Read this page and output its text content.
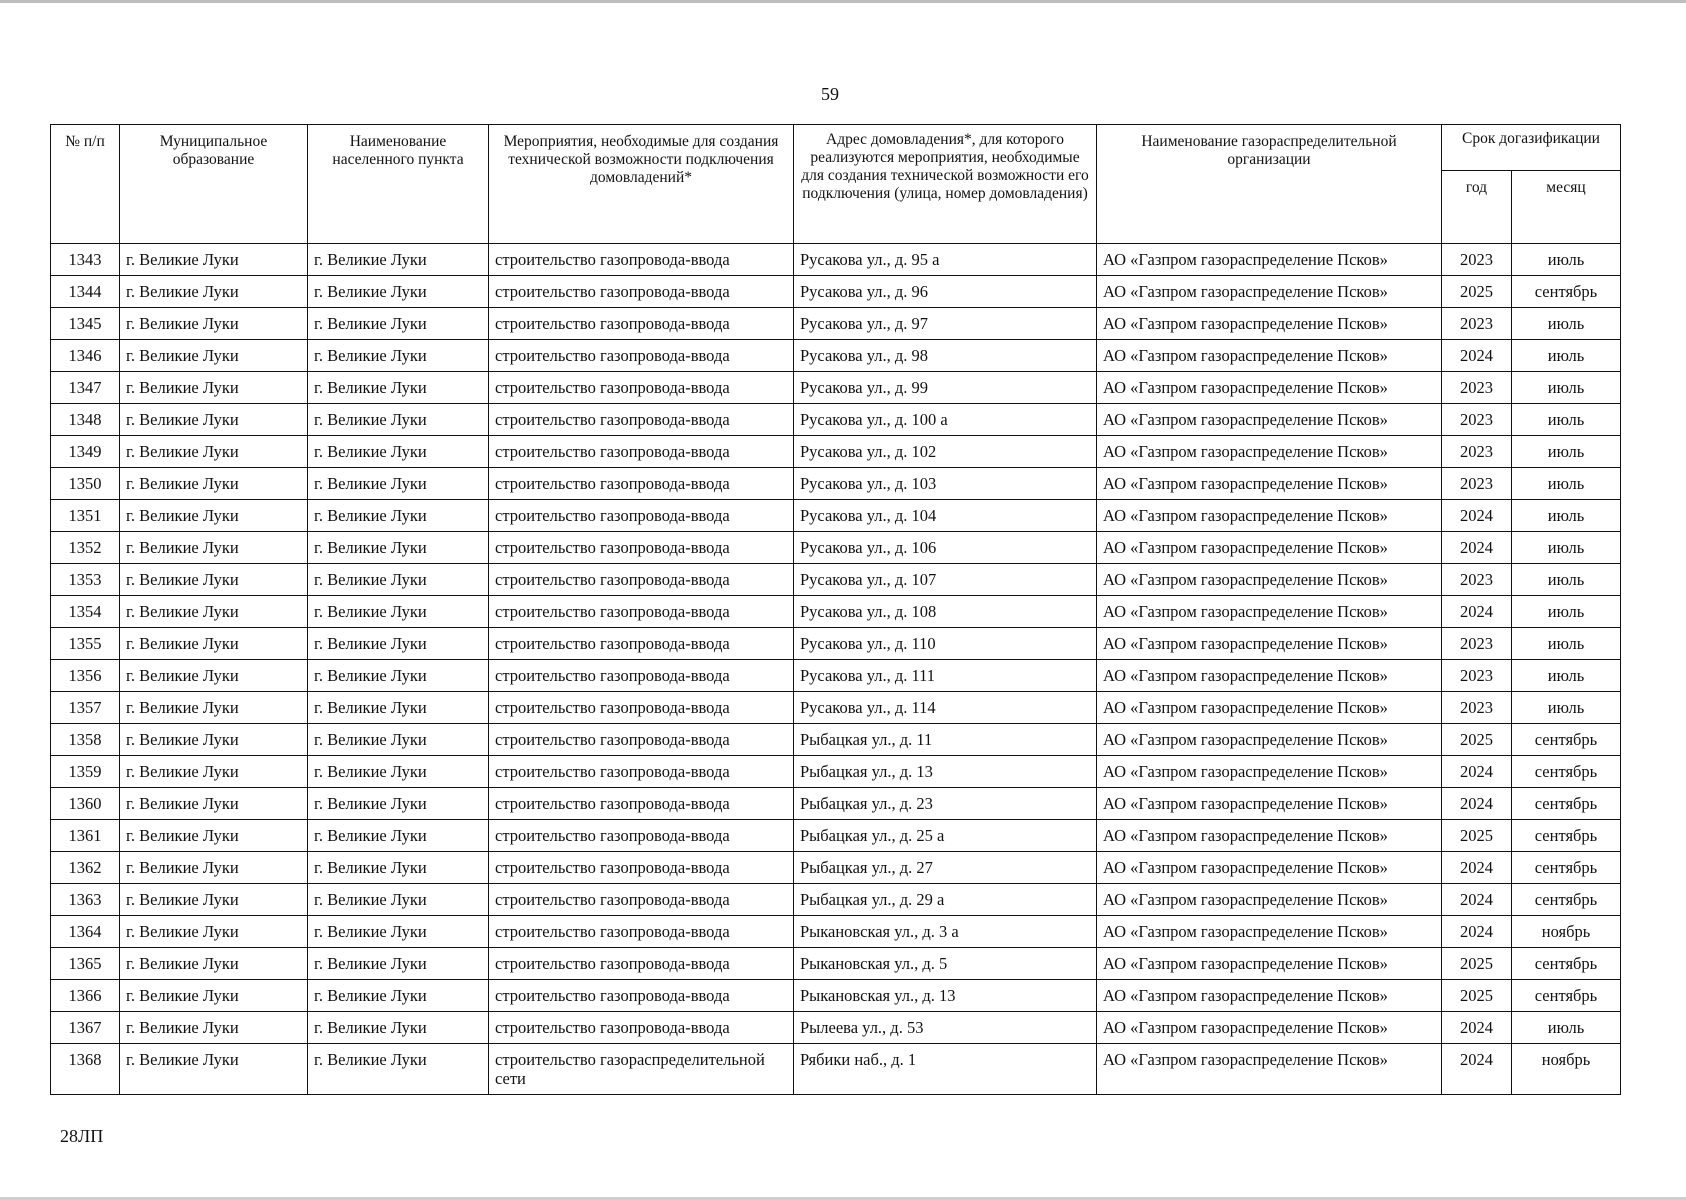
59
№ п/п	Муниципальное образование	Наименование населенного пункта	Мероприятия, необходимые для создания технической возможности подключения домовладений*	Адрес домовладения*, для которого реализуются мероприятия, необходимые для создания технической возможности его подключения (улица, номер домовладения)	Наименование газораспределительной организации	Срок догазификации	
						год	месяц
1343	г. Великие Луки	г. Великие Луки	строительство газопровода-ввода	Русакова ул., д. 95 а	АО «Газпром газораспределение Псков»	2023	июль
1344	г. Великие Луки	г. Великие Луки	строительство газопровода-ввода	Русакова ул., д. 96	АО «Газпром газораспределение Псков»	2025	сентябрь
1345	г. Великие Луки	г. Великие Луки	строительство газопровода-ввода	Русакова ул., д. 97	АО «Газпром газораспределение Псков»	2023	июль
1346	г. Великие Луки	г. Великие Луки	строительство газопровода-ввода	Русакова ул., д. 98	АО «Газпром газораспределение Псков»	2024	июль
1347	г. Великие Луки	г. Великие Луки	строительство газопровода-ввода	Русакова ул., д. 99	АО «Газпром газораспределение Псков»	2023	июль
1348	г. Великие Луки	г. Великие Луки	строительство газопровода-ввода	Русакова ул., д. 100 а	АО «Газпром газораспределение Псков»	2023	июль
1349	г. Великие Луки	г. Великие Луки	строительство газопровода-ввода	Русакова ул., д. 102	АО «Газпром газораспределение Псков»	2023	июль
1350	г. Великие Луки	г. Великие Луки	строительство газопровода-ввода	Русакова ул., д. 103	АО «Газпром газораспределение Псков»	2023	июль
1351	г. Великие Луки	г. Великие Луки	строительство газопровода-ввода	Русакова ул., д. 104	АО «Газпром газораспределение Псков»	2024	июль
1352	г. Великие Луки	г. Великие Луки	строительство газопровода-ввода	Русакова ул., д. 106	АО «Газпром газораспределение Псков»	2024	июль
1353	г. Великие Луки	г. Великие Луки	строительство газопровода-ввода	Русакова ул., д. 107	АО «Газпром газораспределение Псков»	2023	июль
1354	г. Великие Луки	г. Великие Луки	строительство газопровода-ввода	Русакова ул., д. 108	АО «Газпром газораспределение Псков»	2024	июль
1355	г. Великие Луки	г. Великие Луки	строительство газопровода-ввода	Русакова ул., д. 110	АО «Газпром газораспределение Псков»	2023	июль
1356	г. Великие Луки	г. Великие Луки	строительство газопровода-ввода	Русакова ул., д. 111	АО «Газпром газораспределение Псков»	2023	июль
1357	г. Великие Луки	г. Великие Луки	строительство газопровода-ввода	Русакова ул., д. 114	АО «Газпром газораспределение Псков»	2023	июль
1358	г. Великие Луки	г. Великие Луки	строительство газопровода-ввода	Рыбацкая ул., д. 11	АО «Газпром газораспределение Псков»	2025	сентябрь
1359	г. Великие Луки	г. Великие Луки	строительство газопровода-ввода	Рыбацкая ул., д. 13	АО «Газпром газораспределение Псков»	2024	сентябрь
1360	г. Великие Луки	г. Великие Луки	строительство газопровода-ввода	Рыбацкая ул., д. 23	АО «Газпром газораспределение Псков»	2024	сентябрь
1361	г. Великие Луки	г. Великие Луки	строительство газопровода-ввода	Рыбацкая ул., д. 25 а	АО «Газпром газораспределение Псков»	2025	сентябрь
1362	г. Великие Луки	г. Великие Луки	строительство газопровода-ввода	Рыбацкая ул., д. 27	АО «Газпром газораспределение Псков»	2024	сентябрь
1363	г. Великие Луки	г. Великие Луки	строительство газопровода-ввода	Рыбацкая ул., д. 29 а	АО «Газпром газораспределение Псков»	2024	сентябрь
1364	г. Великие Луки	г. Великие Луки	строительство газопровода-ввода	Рыкановская ул., д. 3 а	АО «Газпром газораспределение Псков»	2024	ноябрь
1365	г. Великие Луки	г. Великие Луки	строительство газопровода-ввода	Рыкановская ул., д. 5	АО «Газпром газораспределение Псков»	2025	сентябрь
1366	г. Великие Луки	г. Великие Луки	строительство газопровода-ввода	Рыкановская ул., д. 13	АО «Газпром газораспределение Псков»	2025	сентябрь
1367	г. Великие Луки	г. Великие Луки	строительство газопровода-ввода	Рылеева ул., д. 53	АО «Газпром газораспределение Псков»	2024	июль
1368	г. Великие Луки	г. Великие Луки	строительство газораспределительной сети	Рябики наб., д. 1	АО «Газпром газораспределение Псков»	2024	ноябрь
28ЛП
